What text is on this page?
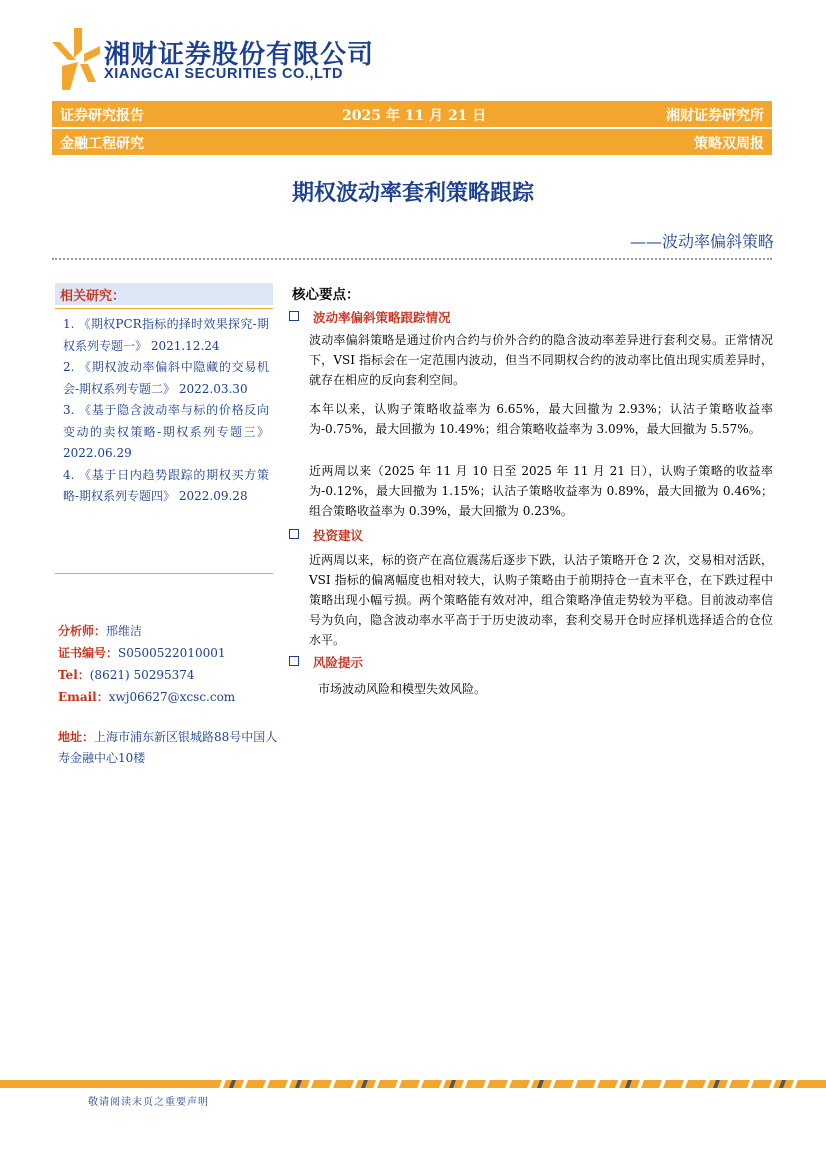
湘财证券股份有限公司
XIANGCAI SECURITIES CO.,LTD
证券研究报告	2025 年 11 月 21 日	湘财证券研究所
金融工程研究	策略双周报
期权波动率套利策略跟踪
——波动率偏斜策略
相关研究：
1. 《期权PCR指标的择时效果探究-期权系列专题一》 2021.12.24
2. 《期权波动率偏斜中隐藏的交易机会-期权系列专题二》 2022.03.30
3. 《基于隐含波动率与标的价格反向变动的卖权策略-期权系列专题三》 2022.06.29
4. 《基于日内趋势跟踪的期权买方策略-期权系列专题四》 2022.09.28
分析师：邢维洁
证书编号：S0500522010001
Tel：(8621) 50295374
Email：xwj06627@xcsc.com
地址：上海市浦东新区银城路88号中国人寿金融中心10楼
核心要点：
波动率偏斜策略跟踪情况
波动率偏斜策略是通过价内合约与价外合约的隐含波动率差异进行套利交易。正常情况下，VSI 指标会在一定范围内波动，但当不同期权合约的波动率比值出现实质差异时，就存在相应的反向套利空间。
本年以来，认购子策略收益率为 6.65%，最大回撤为 2.93%；认沽子策略收益率为-0.75%，最大回撤为 10.49%；组合策略收益率为 3.09%，最大回撤为 5.57%。
近两周以来（2025 年 11 月 10 日至 2025 年 11 月 21 日），认购子策略的收益率为-0.12%，最大回撤为 1.15%；认沽子策略收益率为 0.89%，最大回撤为 0.46%；组合策略收益率为 0.39%，最大回撤为 0.23%。
投资建议
近两周以来，标的资产在高位震荡后逐步下跌，认沽子策略开仓 2 次，交易相对活跃，VSI 指标的偏离幅度也相对较大，认购子策略由于前期持仓一直未平仓，在下跌过程中策略出现小幅亏损。两个策略能有效对冲，组合策略净值走势较为平稳。目前波动率信号为负向，隐含波动率水平高于于历史波动率，套利交易开仓时应择机选择适合的仓位水平。
风险提示
市场波动风险和模型失效风险。
敬请阅读末页之重要声明
